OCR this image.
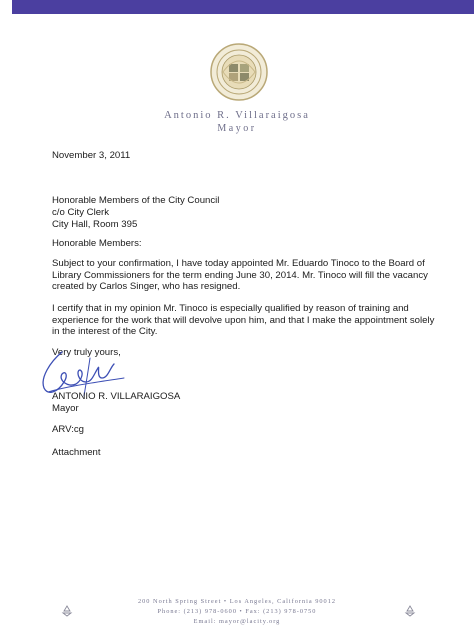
Antonio R. Villaraigosa
Mayor
November 3, 2011
Honorable Members of the City Council
c/o City Clerk
City Hall, Room 395
Honorable Members:
Subject to your confirmation, I have today appointed Mr. Eduardo Tinoco to the Board of Library Commissioners for the term ending June 30, 2014. Mr. Tinoco will fill the vacancy created by Carlos Singer, who has resigned.
I certify that in my opinion Mr. Tinoco is especially qualified by reason of training and experience for the work that will devolve upon him, and that I make the appointment solely in the interest of the City.
Very truly yours,
ANTONIO R. VILLARAIGOSA
Mayor
ARV:cg
Attachment
200 North Spring Street • Los Angeles, California 90012
Phone: (213) 978-0600 • Fax: (213) 978-0750
Email: mayor@lacity.org
